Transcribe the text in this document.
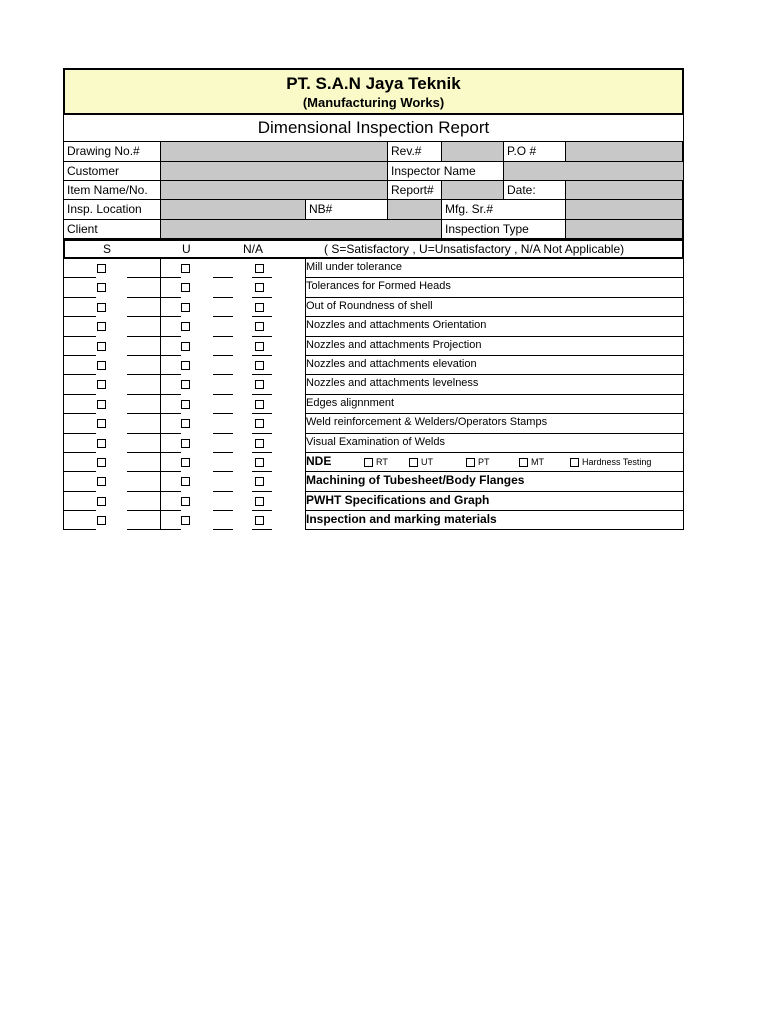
PT. S.A.N Jaya Teknik
(Manufacturing Works)
Dimensional Inspection Report
Drawing No.#	Rev.#	P.O #
Customer	Inspector Name
Item Name/No.	Report#	Date:
Insp. Location	NB#	Mfg. Sr.#
Client	Inspection Type
S	U	N/A	( S=Satisfactory , U=Unsatisfactory , N/A Not Applicable)
Mill under tolerance
Tolerances for Formed Heads
Out of Roundness of shell
Nozzles and attachments Orientation
Nozzles and attachments Projection
Nozzles and attachments elevation
Nozzles and attachments levelness
Edges alignnment
Weld reinforcement & Welders/Operators Stamps
Visual Examination of Welds
NDE	RT	UT	PT	MT	Hardness Testing
Machining of Tubesheet/Body Flanges
PWHT Specifications and Graph
Inspection and marking materials
